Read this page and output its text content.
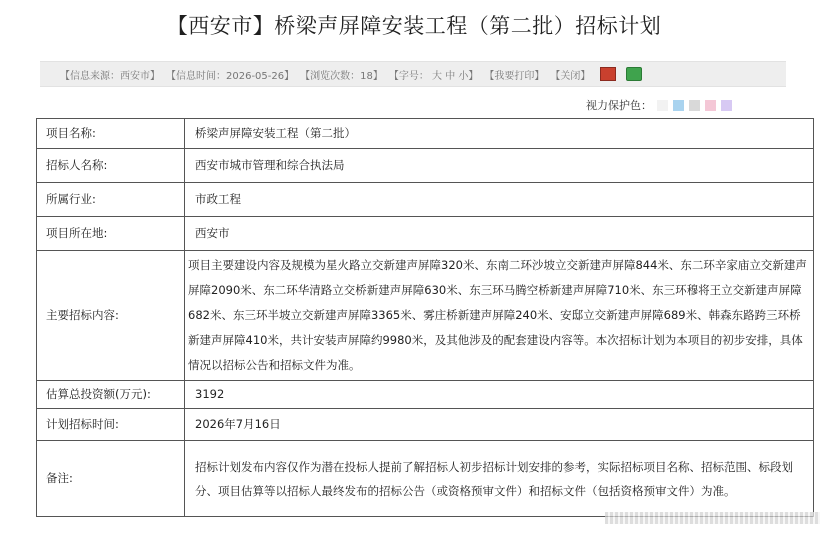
【西安市】桥梁声屏障安装工程（第二批）招标计划
【信息来源：西安市】 【信息时间：2026-05-26】 【浏览次数：18】 【字号： 大 中 小】 【我要打印】 【关闭】
视力保护色：
项目名称:	桥梁声屏障安装工程（第二批）
招标人名称:	西安市城市管理和综合执法局
所属行业:	市政工程
项目所在地:	西安市
主要招标内容:	项目主要建设内容及规模为星火路立交新建声屏障320米、东南二环沙坡立交新建声屏障844米、东二环辛家庙立交新建声屏障2090米、东二环华清路立交桥新建声屏障630米、东三环马腾空桥新建声屏障710米、东三环穆将王立交新建声屏障682米、东三环半坡立交新建声屏障3365米、雾庄桥新建声屏障240米、安邸立交新建声屏障689米、韩森东路跨三环桥新建声屏障410米，共计安装声屏障约9980米，及其他涉及的配套建设内容等。本次招标计划为本项目的初步安排，具体情况以招标公告和招标文件为准。
估算总投资额(万元):	3192
计划招标时间:	2026年7月16日
备注:	招标计划发布内容仅作为潜在投标人提前了解招标人初步招标计划安排的参考，实际招标项目名称、招标范围、标段划分、项目估算等以招标人最终发布的招标公告（或资格预审文件）和招标文件（包括资格预审文件）为准。
